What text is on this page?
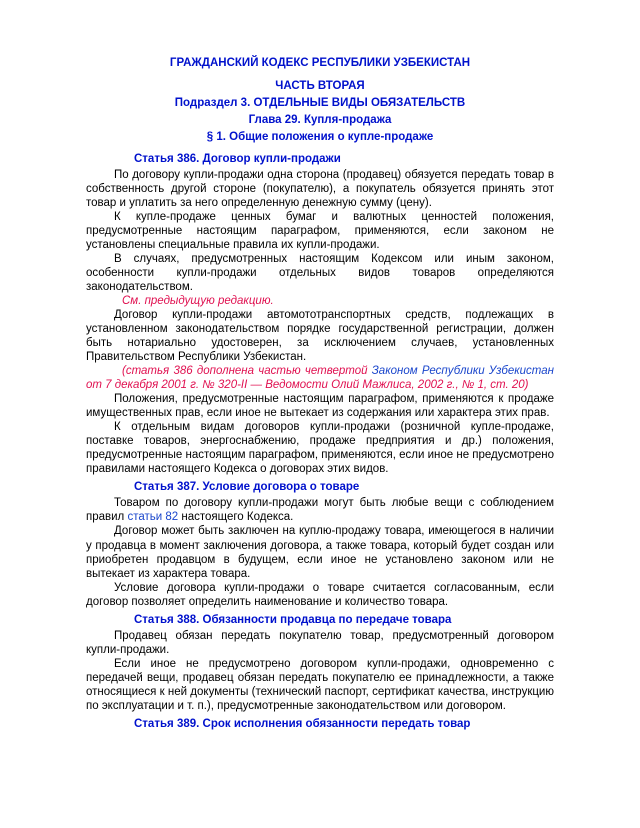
ГРАЖДАНСКИЙ КОДЕКС РЕСПУБЛИКИ УЗБЕКИСТАН

ЧАСТЬ ВТОРАЯ

Подраздел 3. ОТДЕЛЬНЫЕ ВИДЫ ОБЯЗАТЕЛЬСТВ

Глава 29. Купля-продажа

§ 1. Общие положения о купле-продаже

Статья 386. Договор купли-продажи

По договору купли-продажи одна сторона (продавец) обязуется передать товар в собственность другой стороне (покупателю), а покупатель обязуется принять этот товар и уплатить за него определенную денежную сумму (цену).

К купле-продаже ценных бумаг и валютных ценностей положения, предусмотренные настоящим параграфом, применяются, если законом не установлены специальные правила их купли-продажи.

В случаях, предусмотренных настоящим Кодексом или иным законом, особенности купли-продажи отдельных видов товаров определяются законодательством.

См. предыдущую редакцию.

Договор купли-продажи автомототранспортных средств, подлежащих в установленном законодательством порядке государственной регистрации, должен быть нотариально удостоверен, за исключением случаев, установленных Правительством Республики Узбекистан.

(статья 386 дополнена частью четвертой Законом Республики Узбекистан от 7 декабря 2001 г. № 320-II — Ведомости Олий Мажлиса, 2002 г., № 1, ст. 20)

Положения, предусмотренные настоящим параграфом, применяются к продаже имущественных прав, если иное не вытекает из содержания или характера этих прав.

К отдельным видам договоров купли-продажи (розничной купле-продаже, поставке товаров, энергоснабжению, продаже предприятия и др.) положения, предусмотренные настоящим параграфом, применяются, если иное не предусмотрено правилами настоящего Кодекса о договорах этих видов.

Статья 387. Условие договора о товаре

Товаром по договору купли-продажи могут быть любые вещи с соблюдением правил статьи 82 настоящего Кодекса.

Договор может быть заключен на куплю-продажу товара, имеющегося в наличии у продавца в момент заключения договора, а также товара, который будет создан или приобретен продавцом в будущем, если иное не установлено законом или не вытекает из характера товара.

Условие договора купли-продажи о товаре считается согласованным, если договор позволяет определить наименование и количество товара.

Статья 388. Обязанности продавца по передаче товара

Продавец обязан передать покупателю товар, предусмотренный договором купли-продажи.

Если иное не предусмотрено договором купли-продажи, одновременно с передачей вещи, продавец обязан передать покупателю ее принадлежности, а также относящиеся к ней документы (технический паспорт, сертификат качества, инструкцию по эксплуатации и т. п.), предусмотренные законодательством или договором.

Статья 389. Срок исполнения обязанности передать товар
